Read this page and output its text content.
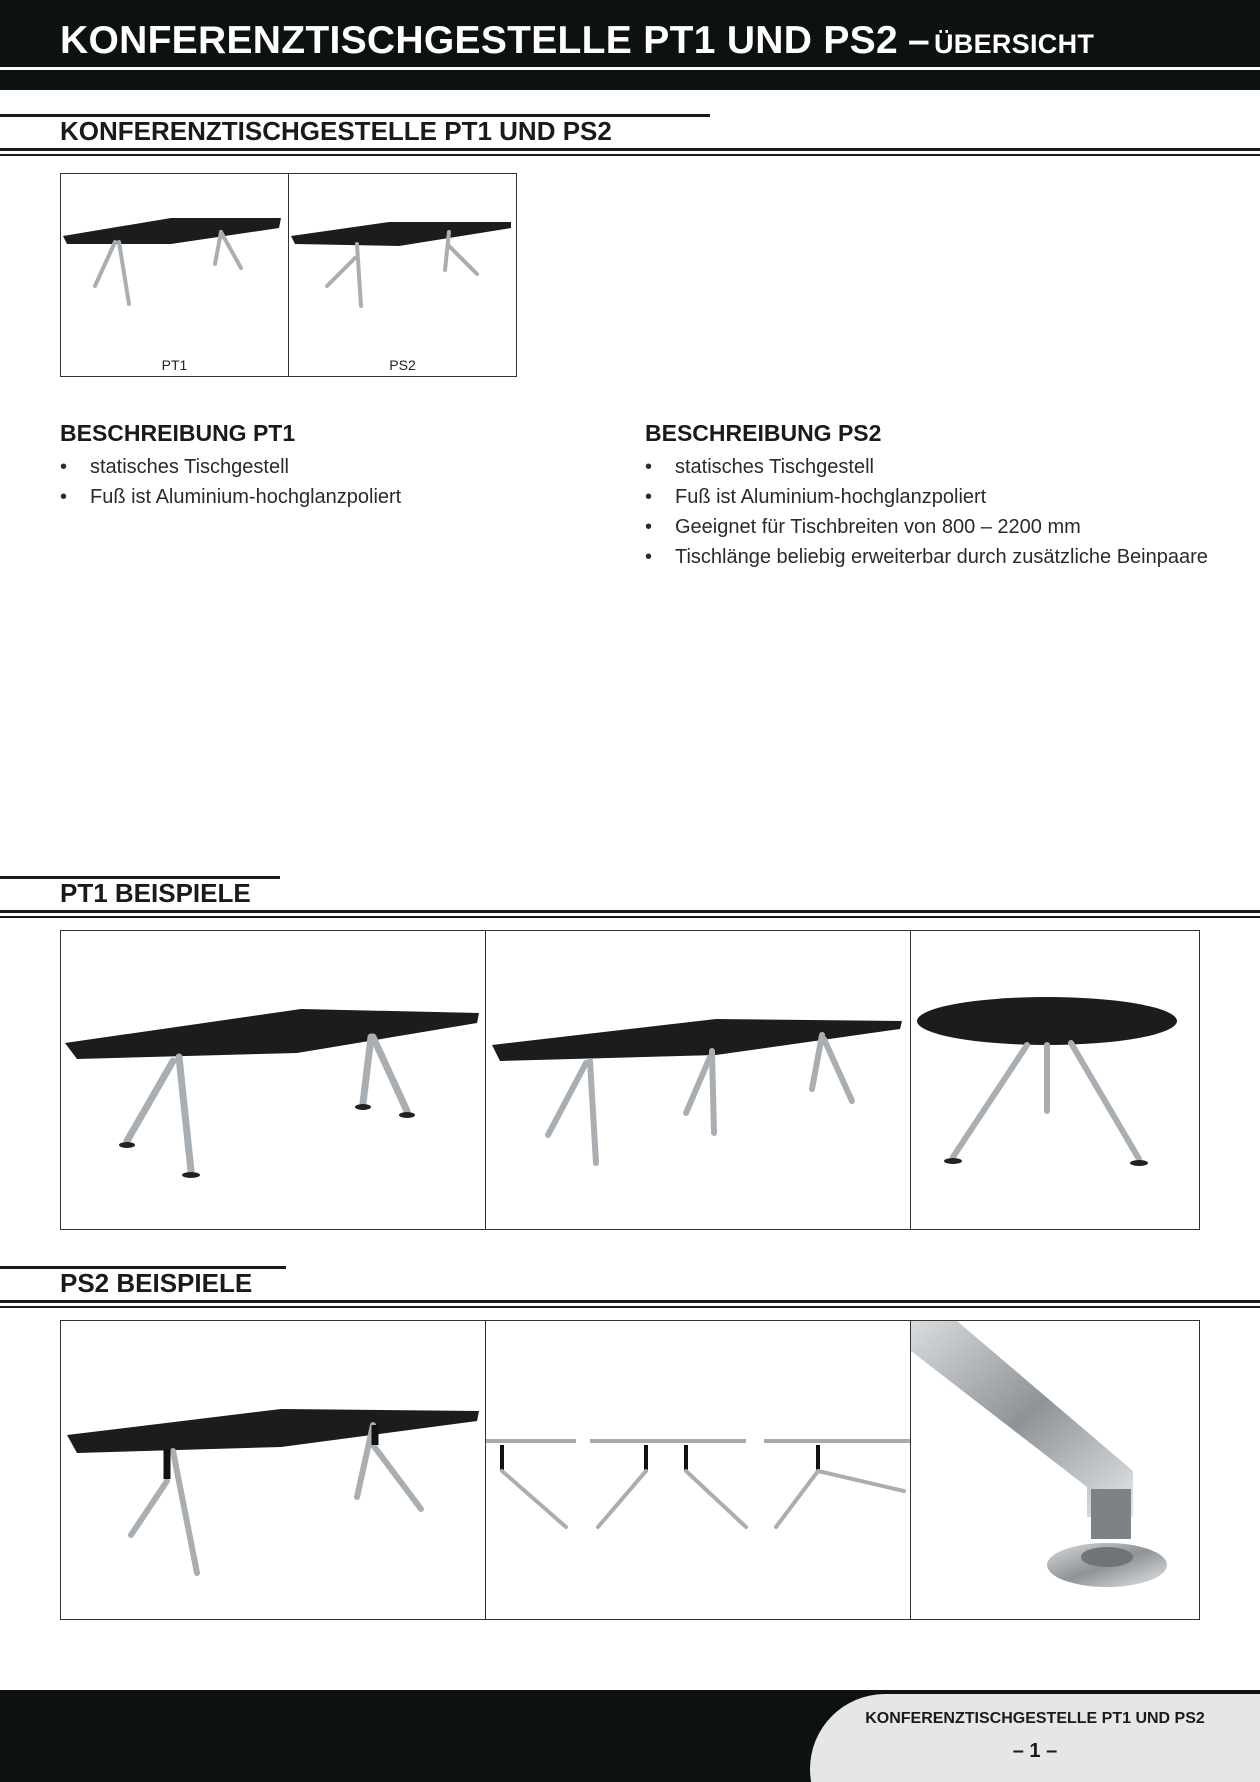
KONFERENZTISCHGESTELLE PT1 UND PS2 – ÜBERSICHT
KONFERENZTISCHGESTELLE PT1 UND PS2
PT1	PS2
BESCHREIBUNG PT1
• statisches Tischgestell
• Fuß ist Aluminium-hochglanzpoliert
BESCHREIBUNG PS2
• statisches Tischgestell
• Fuß ist Aluminium-hochglanzpoliert
• Geeignet für Tischbreiten von 800 – 2200 mm
• Tischlänge beliebig erweiterbar durch zusätzliche Beinpaare
PT1 BEISPIELE
PS2 BEISPIELE
KONFERENZTISCHGESTELLE PT1 UND PS2
– 1 –
